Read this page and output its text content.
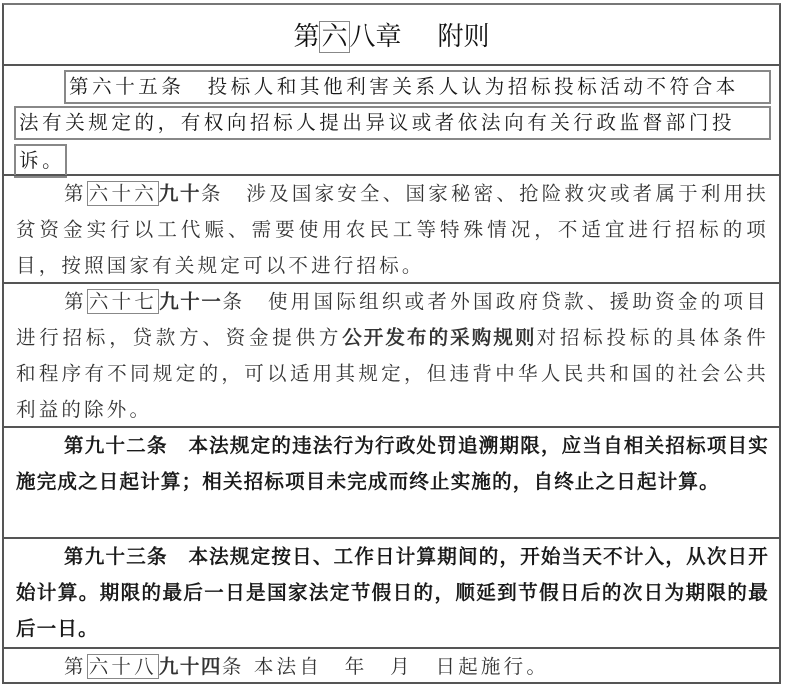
第六八章 附则
第六十五条　投标人和其他利害关系人认为招标投标活动不符合本
法有关规定的，有权向招标人提出异议或者依法向有关行政监督部门投
诉。
第 六十六 九十条　涉及国家安全、国家秘密、抢险救灾或者属于利用扶贫资金实行以工代赈、需要使用农民工等特殊情况，不适宜进行招标的项目，按照国家有关规定可以不进行招标。
第 六十七 九十一条　使用国际组织或者外国政府贷款、援助资金的项目进行招标，贷款方、资金提供方公开发布的采购规则对招标投标的具体条件和程序有不同规定的，可以适用其规定，但违背中华人民共和国的社会公共利益的除外。
第九十二条　本法规定的违法行为行政处罚追溯期限，应当自相关招标项目实施完成之日起计算；相关招标项目未完成而终止实施的，自终止之日起计算。
第九十三条　本法规定按日、工作日计算期间的，开始当天不计入，从次日开始计算。期限的最后一日是国家法定节假日的，顺延到节假日后的次日为期限的最后一日。
第 六十八 九十四条 本法自　年　月　日起施行。
